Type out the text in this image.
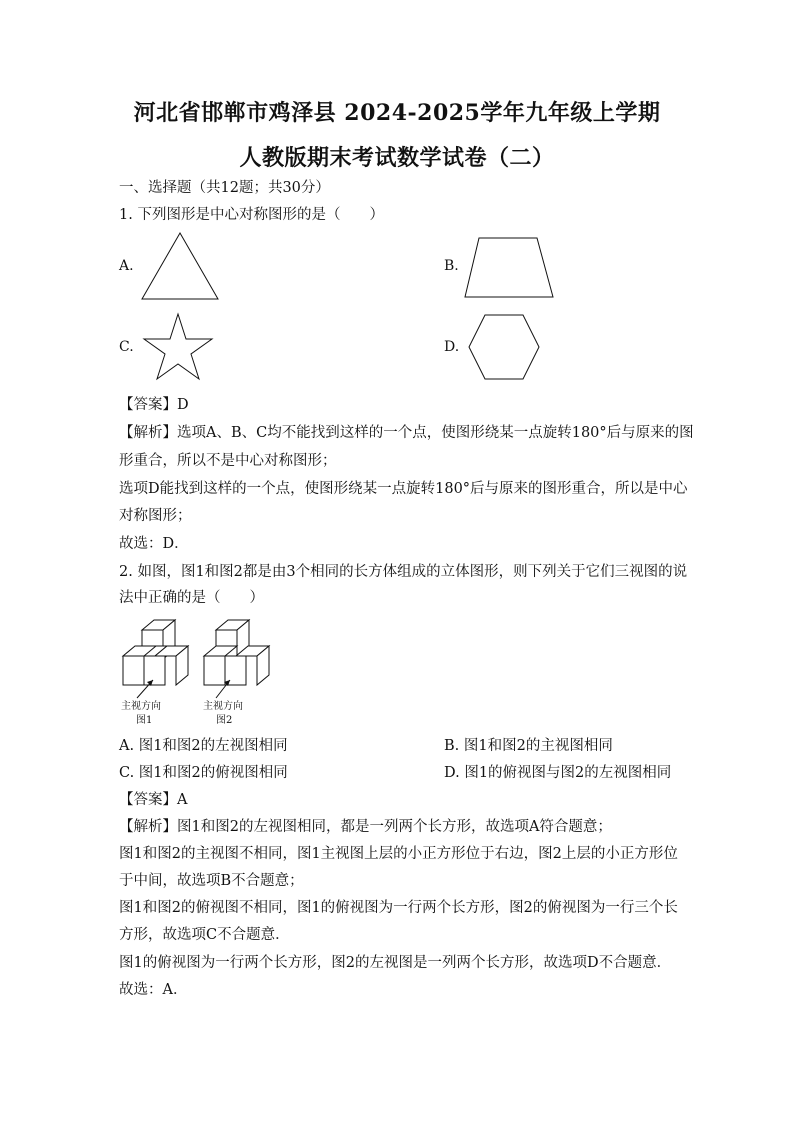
河北省邯郸市鸡泽县 2024-2025学年九年级上学期
人教版期末考试数学试卷（二）
一、选择题（共12题；共30分）
1. 下列图形是中心对称图形的是（　　）
A.	B.
C.	D.
【答案】D
【解析】选项A、B、C均不能找到这样的一个点，使图形绕某一点旋转180°后与原来的图
形重合，所以不是中心对称图形；
选项D能找到这样的一个点，使图形绕某一点旋转180°后与原来的图形重合，所以是中心
对称图形；
故选：D．
2. 如图，图1和图2都是由3个相同的长方体组成的立体图形，则下列关于它们三视图的说
法中正确的是（　　）
主视方向
图1
主视方向
图2
A. 图1和图2的左视图相同	B. 图1和图2的主视图相同
C. 图1和图2的俯视图相同	D. 图1的俯视图与图2的左视图相同
【答案】A
【解析】图1和图2的左视图相同，都是一列两个长方形，故选项A符合题意；
图1和图2的主视图不相同，图1主视图上层的小正方形位于右边，图2上层的小正方形位
于中间，故选项B不合题意；
图1和图2的俯视图不相同，图1的俯视图为一行两个长方形，图2的俯视图为一行三个长
方形，故选项C不合题意．
图1的俯视图为一行两个长方形，图2的左视图是一列两个长方形，故选项D不合题意．
故选：A．
